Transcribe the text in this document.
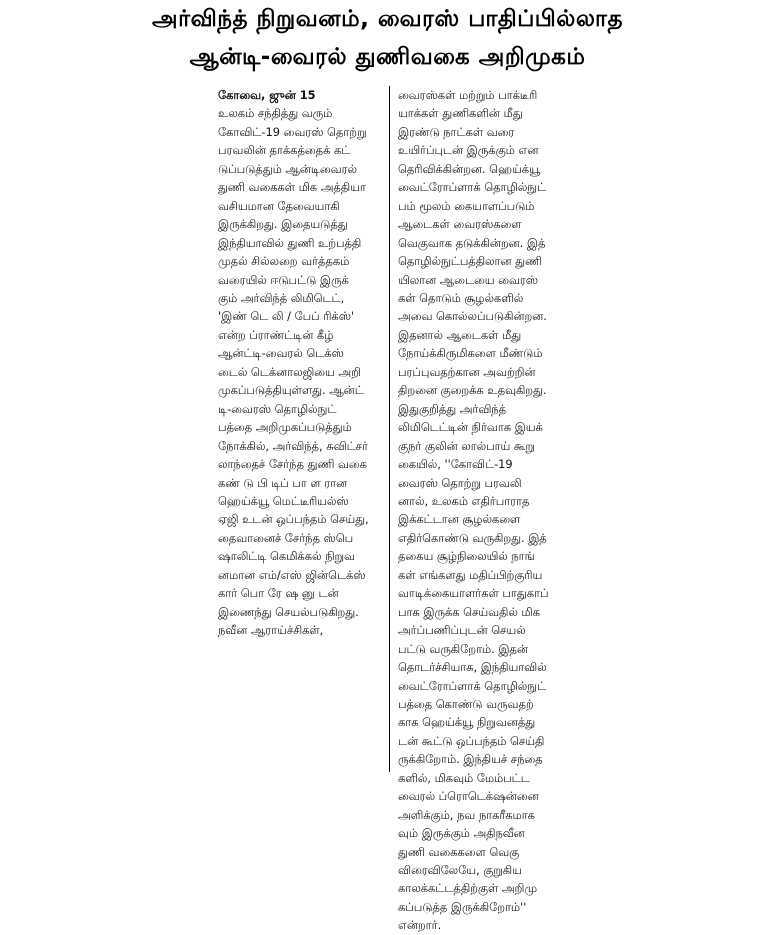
அர்விந்த் நிறுவனம், வைரஸ் பாதிப்பில்லாத
ஆன்டி-வைரல் துணிவகை அறிமுகம்
கோவை, ஜுன் 15
உலகம் சந்தித்து வரும்
கோவிட்-19 வைரஸ் தொற்று
பரவலின் தாக்கத்தைக் கட்
டுப்படுத்தும் ஆன்டிவைரல்
துணி வகைகள் மிக அத்தியா
வசியமான தேவையாகி
இருக்கிறது. இதையடுத்து
இந்தியாவில் துணி உற்பத்தி
முதல் சில்லறை வர்த்தகம்
வரையில் ஈடுபட்டு இருக்
கும் அர்விந்த் லிமிடெட்,
'இண் டெ லி / பேப் ரிக்ஸ்'
என்ற ப்ராண்ட்டின் கீழ்
ஆன்ட்டி-வைரல் டெக்ஸ்
டைல் டெக்னாலஜியை அறி
முகப்படுத்தியுள்ளது. ஆன்ட்
டி-வைரஸ் தொழில்நுட்
பத்தை அறிமுகப்படுத்தும்
நோக்கில், அர்விந்த், சுவிட்சர்
லாந்தைச் சேர்ந்த துணி வகை
கண் டு பி டிப் பா ள ரான
ஹெய்க்யூ மெட்டீரியல்ஸ்
ஏஜி உடன் ஒப்பந்தம் செய்து,
தைவானைச் சேர்ந்த ஸ்பெ
ஷாலிட்டி கெமிக்கல் நிறுவ
னமான எம்/எஸ் ஜின்டெக்ஸ்
கார் பொ ரே ஷ னு டன்
இணைந்து செயல்படுகிறது.
நவீன ஆராய்ச்சிகள்,
வைரஸ்கள் மற்றும் பாக்டீரி
யாக்கள் துணிகளின் மீது
இரண்டு நாட்கள் வரை
உயிர்ப்புடன் இருக்கும் என
தெரிவிக்கின்றன. ஹெய்க்யூ
வைட்ரோப்ளாக் தொழில்நுட்
பம் மூலம் கையாளப்படும்
ஆடைகள் வைரஸ்களை
வெகுவாக தடுக்கின்றன. இத்
தொழில்நுட்பத்திலான துணி
யிலான ஆடையை வைரஸ்
கள் தொடும் சூழல்களில்
அவை கொல்லப்படுகின்றன.
இதனால் ஆடைகள் மீது
நோய்க்கிருமிகளை மீண்டும்
பரப்புவதற்கான அவற்றின்
திறனை குறைக்க உதவுகிறது.
இதுகுறித்து அர்விந்த்
லிமிடெட்டின் நிர்வாக இயக்
குநர் குலின் லால்பாய் கூறு
கையில், ''கோவிட்-19
வைரஸ் தொற்று பரவலி
னால், உலகம் எதிர்பாராத
இக்கட்டான சூழல்களை
எதிர்கொண்டு வருகிறது. இத்
தகைய சூழ்நிலையில் நாங்
கள் எங்களது மதிப்பிற்குரிய
வாடிக்கையாளர்கள் பாதுகாப்
பாக இருக்க செய்வதில் மிக
அர்ப்பணிப்புடன் செயல்
பட்டு வருகிறோம். இதன்
தொடர்ச்சியாக, இந்தியாவில்
வைட்ரோப்ளாக் தொழில்நுட்
பத்தை கொண்டு வருவதற்
காக ஹெய்க்யூ நிறுவனத்து
டன் கூட்டு ஒப்பந்தம் செய்தி
ருக்கிறோம். இந்தியச் சந்தை
களில், மிகவும் மேம்பட்ட
வைரல் ப்ரொடெக்‌ஷன்னை
அளிக்கும், நவ நாகரீகமாக
வும் இருக்கும் அதிநவீன
துணி வகைகளை வெகு
விரைவிலேயே, குறுகிய
காலக்கட்டத்திற்குள் அறிமு
கப்படுத்த இருக்கிறோம்''
என்றார்.
